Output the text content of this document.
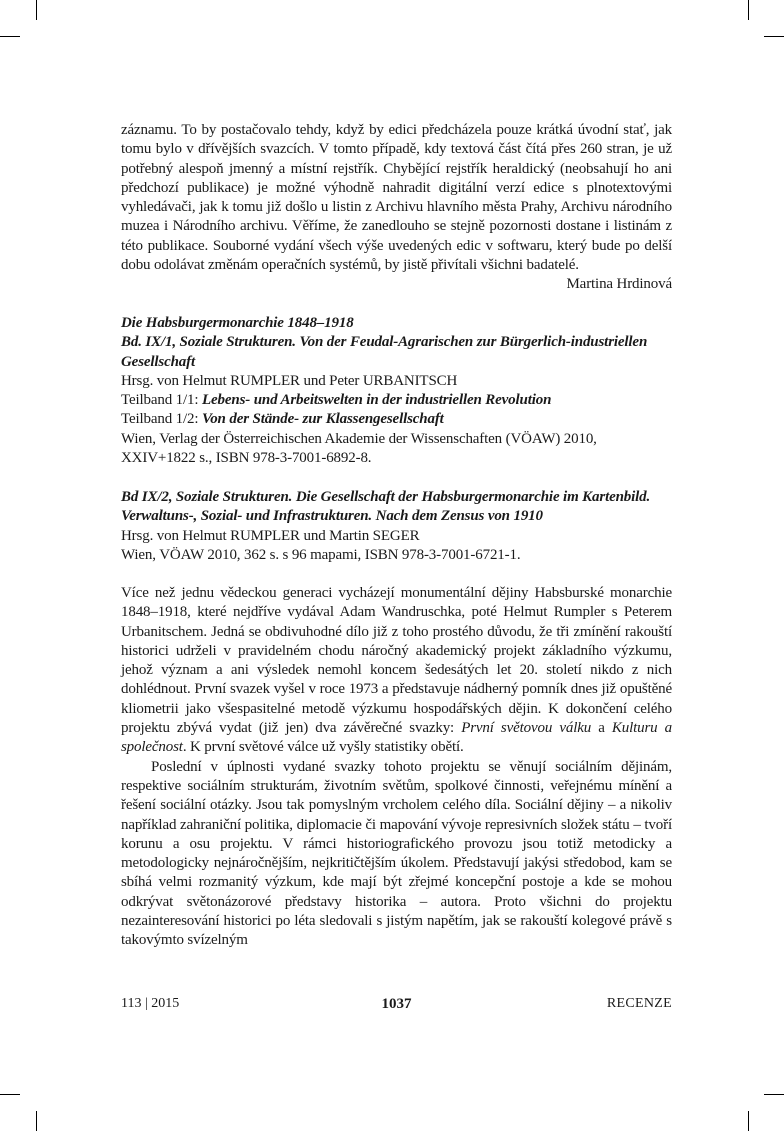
záznamu. To by postačovalo tehdy, když by edici předcházela pouze krátká úvodní stať, jak tomu bylo v dřívějších svazcích. V tomto případě, kdy textová část čítá přes 260 stran, je už potřebný alespoň jmenný a místní rejstřík. Chybějící rejstřík heraldický (neobsahují ho ani předchozí publikace) je možné výhodně nahradit digitální verzí edice s plnotextovými vyhledávači, jak k tomu již došlo u listin z Archivu hlavního města Prahy, Archivu národního muzea i Národního archivu. Věříme, že zanedlouho se stejně pozornosti dostane i listinám z této publikace. Souborné vydání všech výše uvedených edic v softwaru, který bude po delší dobu odolávat změnám operačních systémů, by jistě přivítali všichni badatelé.

Martina Hrdinová

Die Habsburgermonarchie 1848–1918

Bd. IX/1, Soziale Strukturen. Von der Feudal-Agrarischen zur Bürgerlich-industriellen Gesellschaft

Hrsg. von Helmut RUMPLER und Peter URBANITSCH

Teilband 1/1: Lebens- und Arbeitswelten in der industriellen Revolution

Teilband 1/2: Von der Stände- zur Klassengesellschaft

Wien, Verlag der Österreichischen Akademie der Wissenschaften (VÖAW) 2010,

XXIV+1822 s., ISBN 978-3-7001-6892-8.

Bd IX/2, Soziale Strukturen. Die Gesellschaft der Habsburgermonarchie im Kartenbild. Verwaltuns-, Sozial- und Infrastrukturen. Nach dem Zensus von 1910

Hrsg. von Helmut RUMPLER und Martin SEGER

Wien, VÖAW 2010, 362 s. s 96 mapami, ISBN 978-3-7001-6721-1.

Více než jednu vědeckou generaci vycházejí monumentální dějiny Habsburské monarchie 1848–1918, které nejdříve vydával Adam Wandruschka, poté Helmut Rumpler s Peterem Urbanitschem. Jedná se obdivuhodné dílo již z toho prostého důvodu, že tři zmínění rakouští historici udrželi v pravidelném chodu náročný akademický projekt základního výzkumu, jehož význam a ani výsledek nemohl koncem šedesátých let 20. století nikdo z nich dohlédnout. První svazek vyšel v roce 1973 a představuje nádherný pomník dnes již opuštěné kliometrii jako všespasitelné metodě výzkumu hospodářských dějin. K dokončení celého projektu zbývá vydat (již jen) dva závěrečné svazky: První světovou válku a Kulturu a společnost. K první světové válce už vyšly statistiky obětí.

Poslední v úplnosti vydané svazky tohoto projektu se věnují sociálním dějinám, respektive sociálním strukturám, životním světům, spolkové činnosti, veřejnému mínění a řešení sociální otázky. Jsou tak pomyslným vrcholem celého díla. Sociální dějiny – a nikoliv například zahraniční politika, diplomacie či mapování vývoje represivních složek státu – tvoří korunu a osu projektu. V rámci historiografického provozu jsou totiž metodicky a metodologicky nejnáročnějším, nejkritičtějším úkolem. Představují jakýsi středobod, kam se sbíhá velmi rozmanitý výzkum, kde mají být zřejmé koncepční postoje a kde se mohou odkrývat světonázorové představy historika – autora. Proto všichni do projektu nezainteresování historici po léta sledovali s jistým napětím, jak se rakouští kolegové právě s takovýmto svízelným

113 | 2015	1037	RECENZE
